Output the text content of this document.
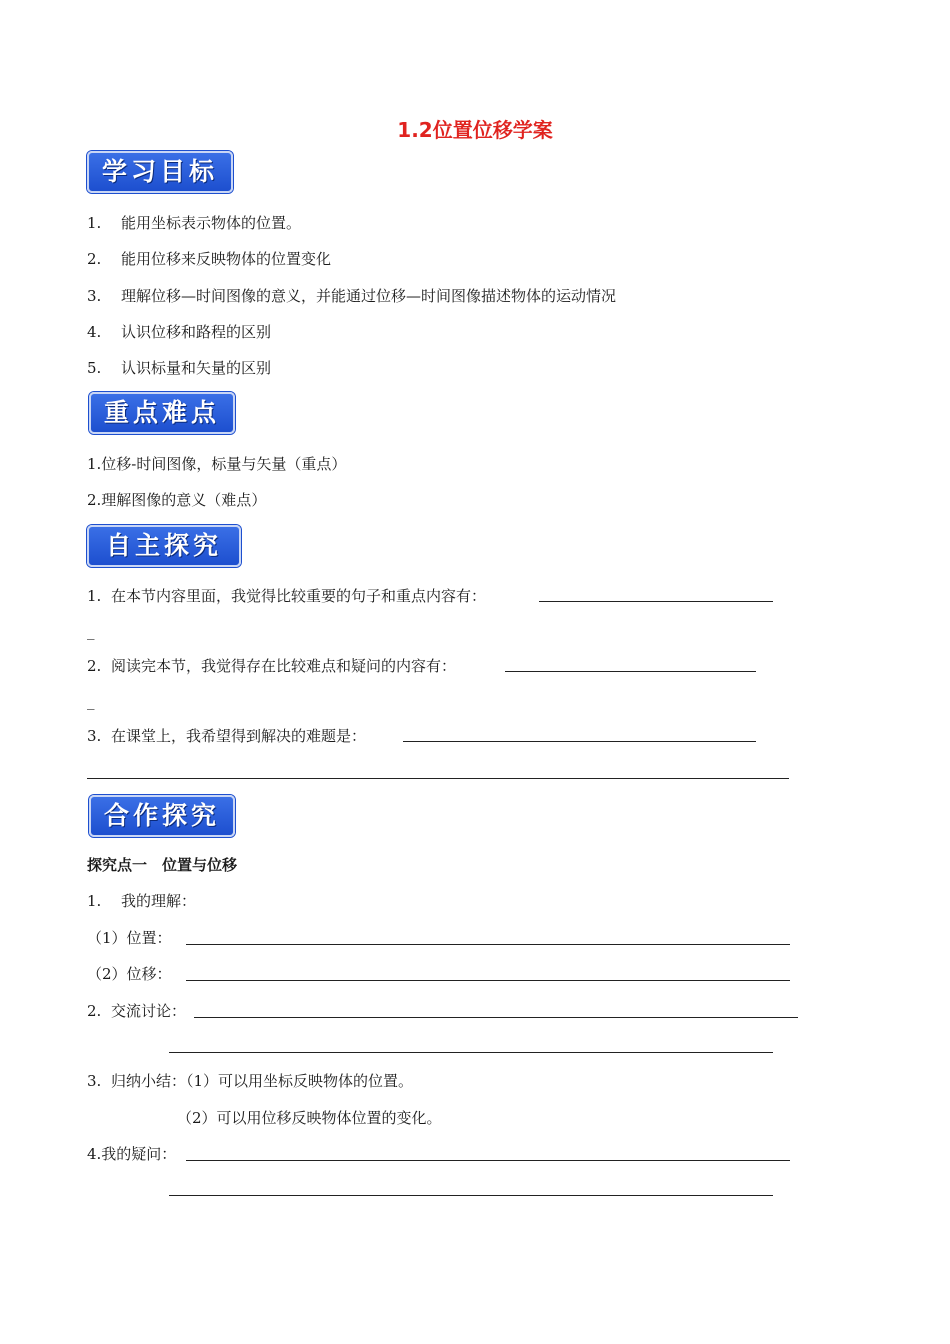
1.2位置位移学案
学习目标
1. 能用坐标表示物体的位置。
2. 能用位移来反映物体的位置变化
3. 理解位移—时间图像的意义，并能通过位移—时间图像描述物体的运动情况
4. 认识位移和路程的区别
5. 认识标量和矢量的区别
重点难点
1.位移-时间图像，标量与矢量（重点）
2.理解图像的意义（难点）
自主探究
1. 在本节内容里面，我觉得比较重要的句子和重点内容有：
_
2. 阅读完本节，我觉得存在比较难点和疑问的内容有：
_
3. 在课堂上，我希望得到解决的难题是：
合作探究
探究点一　位置与位移
1. 我的理解：
（1）位置：
（2）位移：
2. 交流讨论：
3. 归纳小结：（1）可以用坐标反映物体的位置。
（2）可以用位移反映物体位置的变化。
4.我的疑问：
